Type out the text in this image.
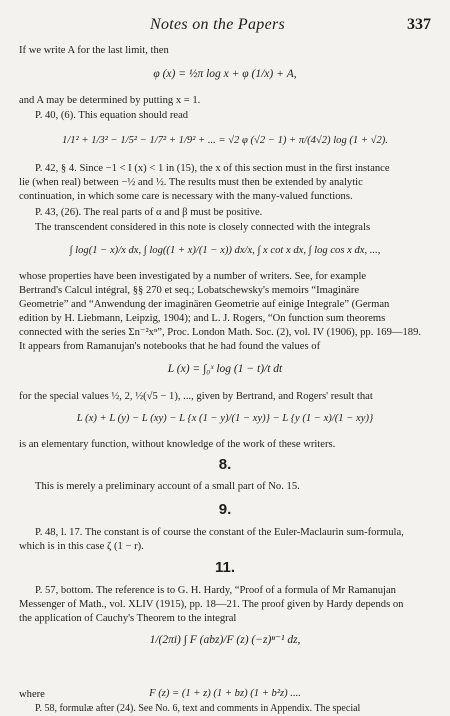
Notes on the Papers	337
If we write A for the last limit, then
φ (x) = ½π log x + φ (1/x) + A,
and A may be determined by putting x = 1.
P. 40, (6). This equation should read
1/1² + 1/3² − 1/5² − 1/7² + 1/9² + ... = √2 φ (√2 − 1) + π/(4√2) log (1 + √2).
P. 42, § 4. Since −1 < I (x) < 1 in (15), the x of this section must in the first instance
lie (when real) between −½ and ½. The results must then be extended by analytic
continuation, in which some care is necessary with the many-valued functions.
P. 43, (26). The real parts of α and β must be positive.
The transcendent considered in this note is closely connected with the integrals
∫ log(1 − x)/x dx, ∫ log((1 + x)/(1 − x)) dx/x, ∫ x cot x dx, ∫ log cos x dx, ...,
whose properties have been investigated by a number of writers. See, for example
Bertrand's Calcul intégral, §§ 270 et seq.; Lobatschewsky's memoirs “Imaginäre
Geometrie” and “Anwendung der imaginären Geometrie auf einige Integrale” (German
edition by H. Liebmann, Leipzig, 1904); and L. J. Rogers, “On function sum theorems
connected with the series Σn⁻²xⁿ”, Proc. London Math. Soc. (2), vol. IV (1906), pp. 169—189.
It appears from Ramanujan's notebooks that he had found the values of
L (x) = ∫₀ˣ log (1 − t)/t dt
for the special values ½, 2, ½(√5 − 1), ..., given by Bertrand, and Rogers' result that
L (x) + L (y) − L (xy) − L {x (1 − y)/(1 − xy)} − L {y (1 − x)/(1 − xy)}
is an elementary function, without knowledge of the work of these writers.
8.
This is merely a preliminary account of a small part of No. 15.
9.
P. 48, l. 17. The constant is of course the constant of the Euler-Maclaurin sum-formula,
which is in this case ζ (1 − r).
11.
P. 57, bottom. The reference is to G. H. Hardy, “Proof of a formula of Mr Ramanujan
Messenger of Math., vol. XLIV (1915), pp. 18—21. The proof given by Hardy depends on
the application of Cauchy's Theorem to the integral
1/(2πi) ∫ F (abz)/F (z) (−z)ⁿ⁻¹ dz,
where	F (z) = (1 + z) (1 + bz) (1 + b²z) ....
P. 58, formulæ after (24). See No. 6, text and comments in Appendix. The special
